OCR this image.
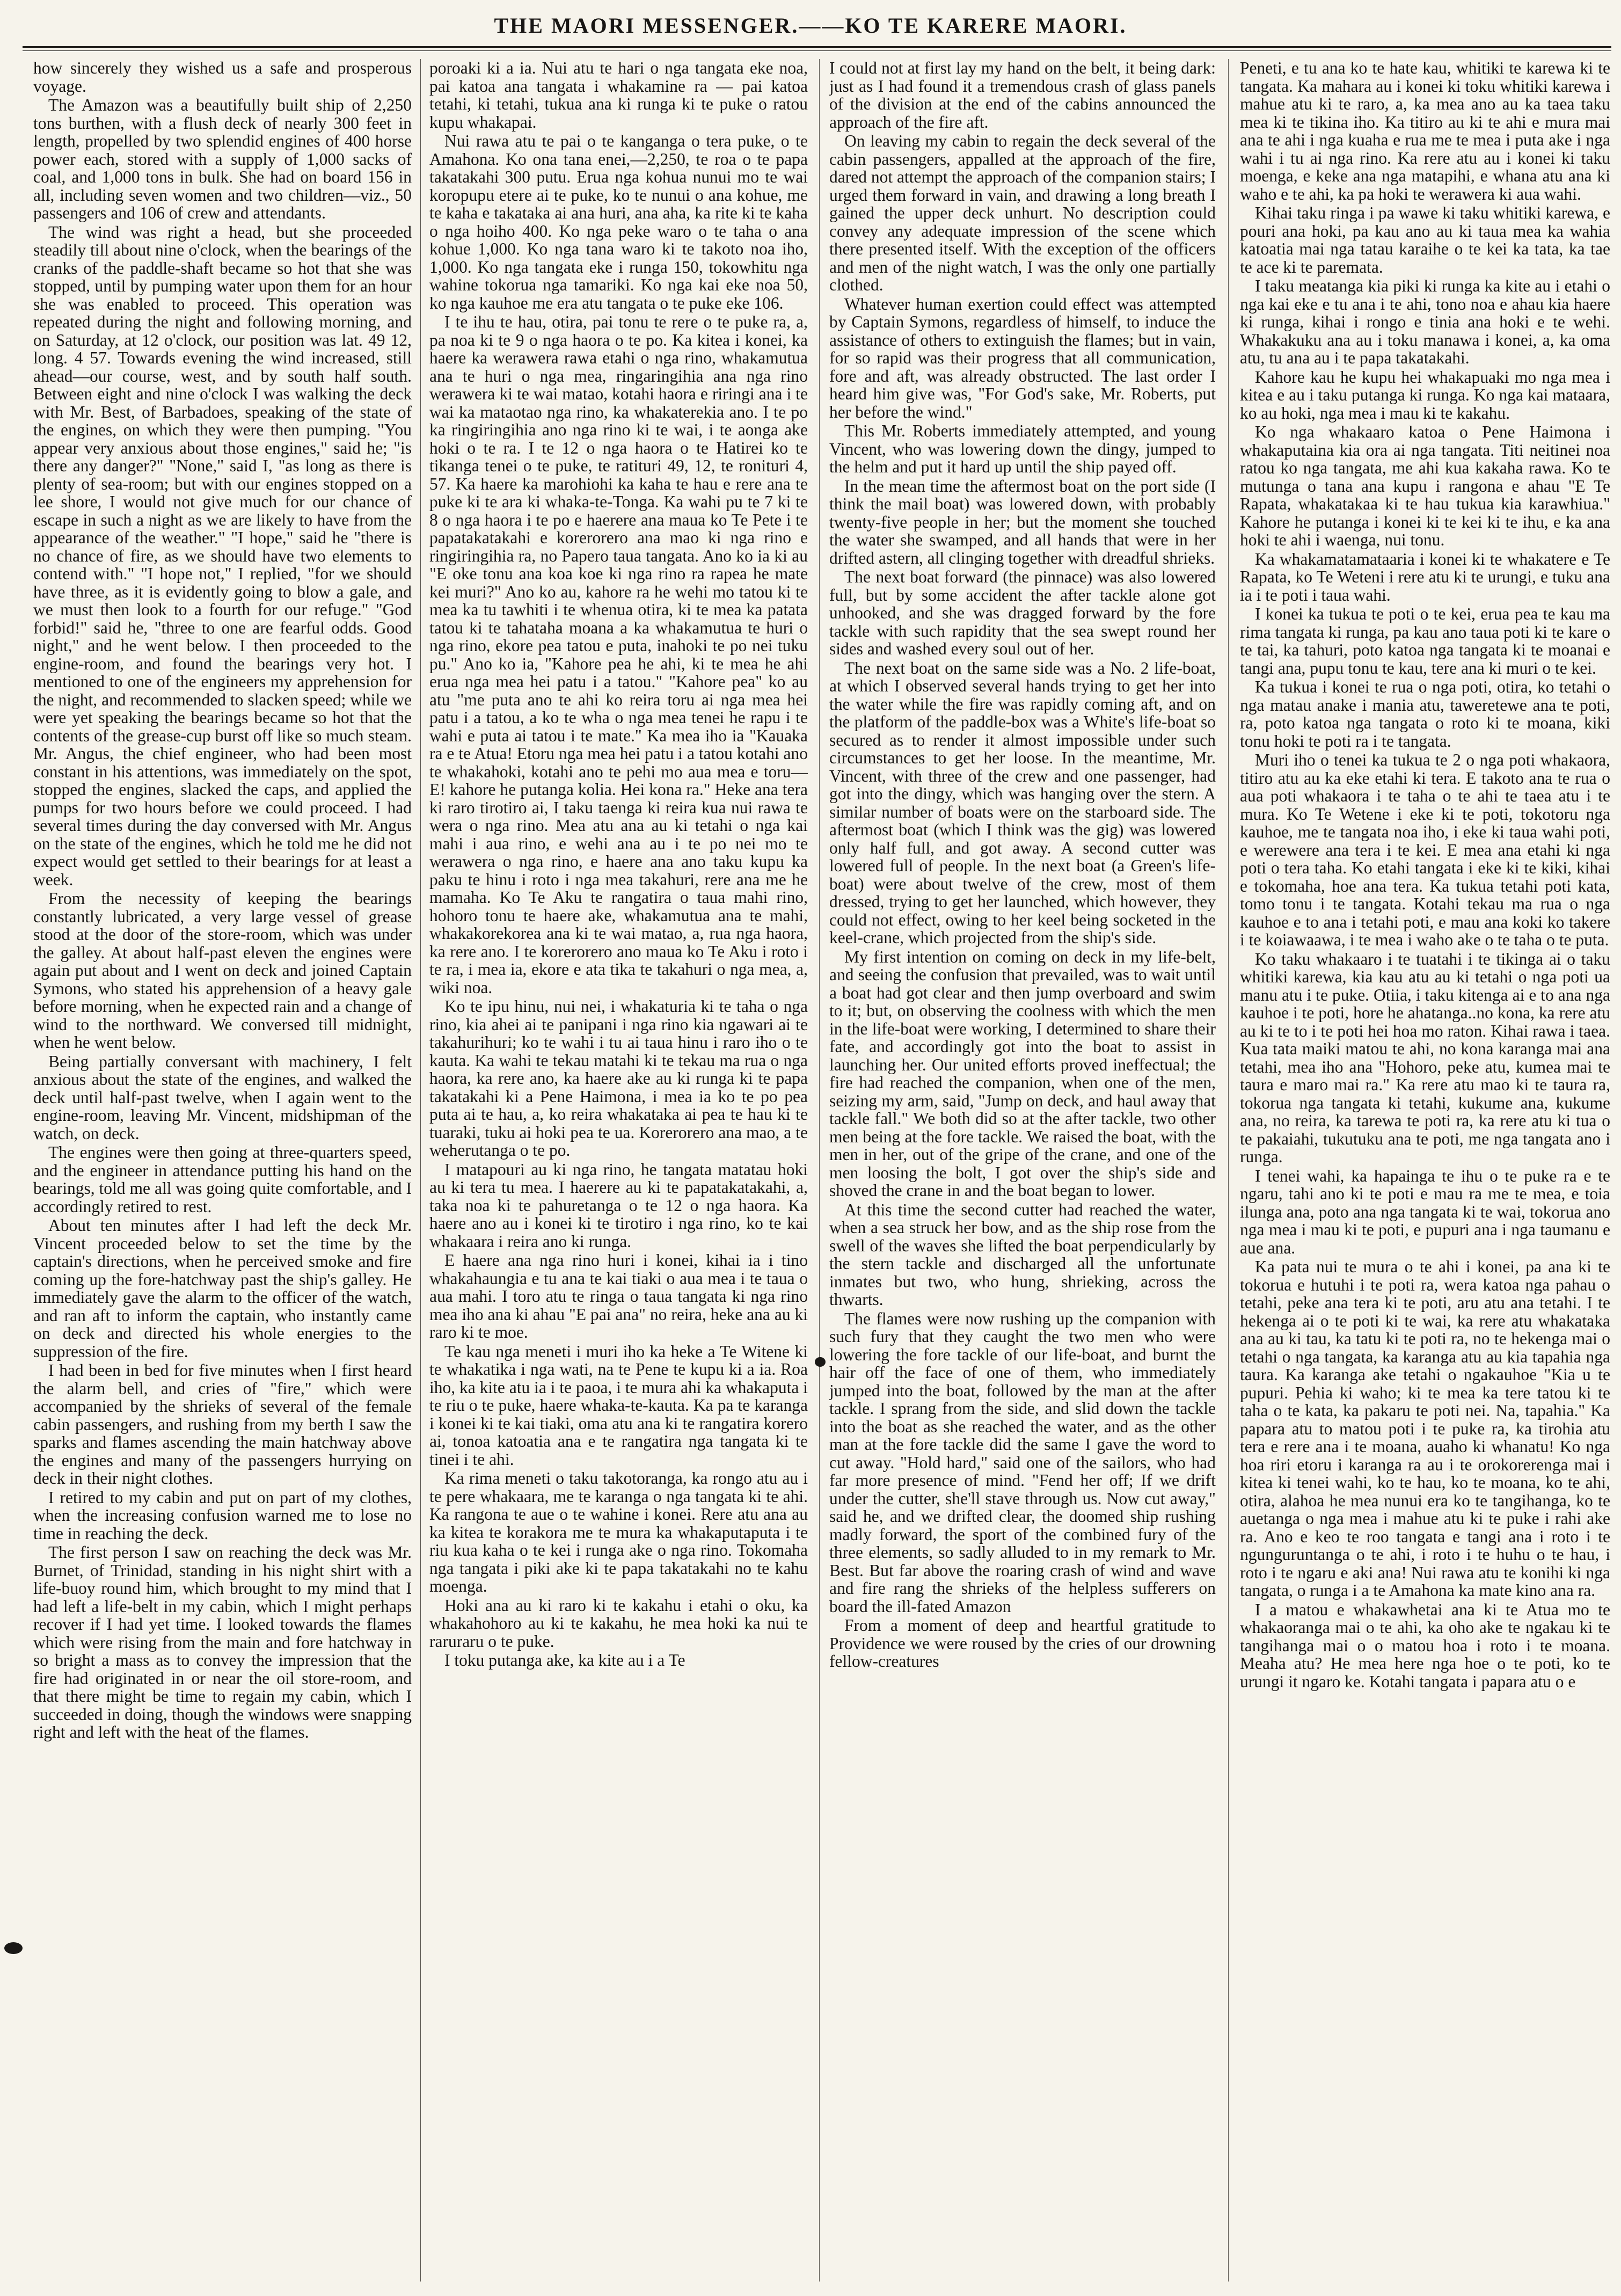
THE MAORI MESSENGER.——KO TE KARERE MAORI.

how sincerely they wished us a safe and prosperous voyage.

The Amazon was a beautifully built ship of 2,250 tons burthen, with a flush deck of nearly 300 feet in length, propelled by two splendid engines of 400 horse power each, stored with a supply of 1,000 sacks of coal, and 1,000 tons in bulk. She had on board 156 in all, including seven women and two children—viz., 50 passengers and 106 of crew and attendants.

The wind was right a head, but she proceeded steadily till about nine o'clock, when the bearings of the cranks of the paddle-shaft became so hot that she was stopped, until by pumping water upon them for an hour she was enabled to proceed. This operation was repeated during the night and following morning, and on Saturday, at 12 o'clock, our position was lat. 49 12, long. 4 57. Towards evening the wind increased, still ahead—our course, west, and by south half south. Between eight and nine o'clock I was walking the deck with Mr. Best, of Barbadoes, speaking of the state of the engines, on which they were then pumping. "You appear very anxious about those engines," said he; "is there any danger?" "None," said I, "as long as there is plenty of sea-room; but with our engines stopped on a lee shore, I would not give much for our chance of escape in such a night as we are likely to have from the appearance of the weather." "I hope," said he "there is no chance of fire, as we should have two elements to contend with." "I hope not," I replied, "for we should have three, as it is evidently going to blow a gale, and we must then look to a fourth for our refuge." "God forbid!" said he, "three to one are fearful odds. Good night," and he went below. I then proceeded to the engine-room, and found the bearings very hot. I mentioned to one of the engineers my apprehension for the night, and recommended to slacken speed; while we were yet speaking the bearings became so hot that the contents of the grease-cup burst off like so much steam. Mr. Angus, the chief engineer, who had been most constant in his attentions, was immediately on the spot, stopped the engines, slacked the caps, and applied the pumps for two hours before we could proceed. I had several times during the day conversed with Mr. Angus on the state of the engines, which he told me he did not expect would get settled to their bearings for at least a week.

From the necessity of keeping the bearings constantly lubricated, a very large vessel of grease stood at the door of the store-room, which was under the galley. At about half-past eleven the engines were again put about and I went on deck and joined Captain Symons, who stated his apprehension of a heavy gale before morning, when he expected rain and a change of wind to the northward. We conversed till midnight, when he went below.

Being partially conversant with machinery, I felt anxious about the state of the engines, and walked the deck until half-past twelve, when I again went to the engine-room, leaving Mr. Vincent, midshipman of the watch, on deck.

The engines were then going at three-quarters speed, and the engineer in attendance putting his hand on the bearings, told me all was going quite comfortable, and I accordingly retired to rest.

About ten minutes after I had left the deck Mr. Vincent proceeded below to set the time by the captain's directions, when he perceived smoke and fire coming up the fore-hatchway past the ship's galley. He immediately gave the alarm to the officer of the watch, and ran aft to inform the captain, who instantly came on deck and directed his whole energies to the suppression of the fire.

I had been in bed for five minutes when I first heard the alarm bell, and cries of "fire," which were accompanied by the shrieks of several of the female cabin passengers, and rushing from my berth I saw the sparks and flames ascending the main hatchway above the engines and many of the passengers hurrying on deck in their night clothes.

I retired to my cabin and put on part of my clothes, when the increasing confusion warned me to lose no time in reaching the deck.

The first person I saw on reaching the deck was Mr. Burnet, of Trinidad, standing in his night shirt with a life-buoy round him, which brought to my mind that I had left a life-belt in my cabin, which I might perhaps recover if I had yet time. I looked towards the flames which were rising from the main and fore hatchway in so bright a mass as to convey the impression that the fire had originated in or near the oil store-room, and that there might be time to regain my cabin, which I succeeded in doing, though the windows were snapping right and left with the heat of the flames.

poroaki ki a ia. Nui atu te hari o nga tangata eke noa, pai katoa ana tangata i whakamine ra — pai katoa tetahi, ki tetahi, tukua ana ki runga ki te puke o ratou kupu whakapai.

Nui rawa atu te pai o te kanganga o tera puke, o te Amahona. Ko ona tana enei,—2,250, te roa o te papa takatakahi 300 putu. Erua nga kohua nunui mo te wai koropupu etere ai te puke, ko te nunui o ana kohue, me te kaha e takataka ai ana huri, ana aha, ka rite ki te kaha o nga hoiho 400. Ko nga peke waro o te taha o ana kohue 1,000. Ko nga tana waro ki te takoto noa iho, 1,000. Ko nga tangata eke i runga 150, tokowhitu nga wahine tokorua nga tamariki. Ko nga kai eke noa 50, ko nga kauhoe me era atu tangata o te puke eke 106.

I te ihu te hau, otira, pai tonu te rere o te puke ra, a, pa noa ki te 9 o nga haora o te po. Ka kitea i konei, ka haere ka werawera rawa etahi o nga rino, whakamutua ana te huri o nga mea, ringaringihia ana nga rino werawera ki te wai matao, kotahi haora e riringi ana i te wai ka mataotao nga rino, ka whakaterekia ano. I te po ka ringiringihia ano nga rino ki te wai, i te aonga ake hoki o te ra. I te 12 o nga haora o te Hatirei ko te tikanga tenei o te puke, te ratituri 49, 12, te ronituri 4, 57. Ka haere ka marohiohi ka kaha te hau e rere ana te puke ki te ara ki whaka-te-Tonga. Ka wahi pu te 7 ki te 8 o nga haora i te po e haerere ana maua ko Te Pete i te papatakatakahi e korerorero ana mao ki nga rino e ringiringihia ra, no Papero taua tangata. Ano ko ia ki au "E oke tonu ana koa koe ki nga rino ra rapea he mate kei muri?" Ano ko au, kahore ra he wehi mo tatou ki te mea ka tu tawhiti i te whenua otira, ki te mea ka patata tatou ki te tahataha moana a ka whakamutua te huri o nga rino, ekore pea tatou e puta, inahoki te po nei tuku pu." Ano ko ia, "Kahore pea he ahi, ki te mea he ahi erua nga mea hei patu i a tatou." "Kahore pea" ko au atu "me puta ano te ahi ko reira toru ai nga mea hei patu i a tatou, a ko te wha o nga mea tenei he rapu i te wahi e puta ai tatou i te mate." Ka mea iho ia "Kauaka ra e te Atua! Etoru nga mea hei patu i a tatou kotahi ano te whakahoki, kotahi ano te pehi mo aua mea e toru—E! kahore he putanga kolia. Hei kona ra." Heke ana tera ki raro tirotiro ai, I taku taenga ki reira kua nui rawa te wera o nga rino. Mea atu ana au ki tetahi o nga kai mahi i aua rino, e wehi ana au i te po nei mo te werawera o nga rino, e haere ana ano taku kupu ka paku te hinu i roto i nga mea takahuri, rere ana me he mamaha. Ko Te Aku te rangatira o taua mahi rino, hohoro tonu te haere ake, whakamutua ana te mahi, whakakorekorea ana ki te wai matao, a, rua nga haora, ka rere ano. I te korerorero ano maua ko Te Aku i roto i te ra, i mea ia, ekore e ata tika te takahuri o nga mea, a, wiki noa.

Ko te ipu hinu, nui nei, i whakaturia ki te taha o nga rino, kia ahei ai te panipani i nga rino kia ngawari ai te takahurihuri; ko te wahi i tu ai taua hinu i raro iho o te kauta. Ka wahi te tekau matahi ki te tekau ma rua o nga haora, ka rere ano, ka haere ake au ki runga ki te papa takatakahi ki a Pene Haimona, i mea ia ko te po pea puta ai te hau, a, ko reira whakataka ai pea te hau ki te tuaraki, tuku ai hoki pea te ua. Korerorero ana mao, a te weherutanga o te po.

I matapouri au ki nga rino, he tangata matatau hoki au ki tera tu mea. I haerere au ki te papatakatakahi, a, taka noa ki te pahuretanga o te 12 o nga haora. Ka haere ano au i konei ki te tirotiro i nga rino, ko te kai whakaara i reira ano ki runga.

E haere ana nga rino huri i konei, kihai ia i tino whakahaungia e tu ana te kai tiaki o aua mea i te taua o aua mahi. I toro atu te ringa o taua tangata ki nga rino mea iho ana ki ahau "E pai ana" no reira, heke ana au ki raro ki te moe.

Te kau nga meneti i muri iho ka heke a Te Witene ki te whakatika i nga wati, na te Pene te kupu ki a ia. Roa iho, ka kite atu ia i te paoa, i te mura ahi ka whakaputa i te riu o te puke, haere whaka-te-kauta. Ka pa te karanga i konei ki te kai tiaki, oma atu ana ki te rangatira korero ai, tonoa katoatia ana e te rangatira nga tangata ki te tinei i te ahi.

Ka rima meneti o taku takotoranga, ka rongo atu au i te pere whakaara, me te karanga o nga tangata ki te ahi. Ka rangona te aue o te wahine i konei. Rere atu ana au ka kitea te korakora me te mura ka whakaputaputa i te riu kua kaha o te kei i runga ake o nga rino. Tokomaha nga tangata i piki ake ki te papa takatakahi no te kahu moenga.

Hoki ana au ki raro ki te kakahu i etahi o oku, ka whakahohoro au ki te kakahu, he mea hoki ka nui te raruraru o te puke.

I toku putanga ake, ka kite au i a Te

I could not at first lay my hand on the belt, it being dark: just as I had found it a tremendous crash of glass panels of the division at the end of the cabins announced the approach of the fire aft.

On leaving my cabin to regain the deck several of the cabin passengers, appalled at the approach of the fire, dared not attempt the approach of the companion stairs; I urged them forward in vain, and drawing a long breath I gained the upper deck unhurt. No description could convey any adequate impression of the scene which there presented itself. With the exception of the officers and men of the night watch, I was the only one partially clothed.

Whatever human exertion could effect was attempted by Captain Symons, regardless of himself, to induce the assistance of others to extinguish the flames; but in vain, for so rapid was their progress that all communication, fore and aft, was already obstructed. The last order I heard him give was, "For God's sake, Mr. Roberts, put her before the wind."

This Mr. Roberts immediately attempted, and young Vincent, who was lowering down the dingy, jumped to the helm and put it hard up until the ship payed off.

In the mean time the aftermost boat on the port side (I think the mail boat) was lowered down, with probably twenty-five people in her; but the moment she touched the water she swamped, and all hands that were in her drifted astern, all clinging together with dreadful shrieks.

The next boat forward (the pinnace) was also lowered full, but by some accident the after tackle alone got unhooked, and she was dragged forward by the fore tackle with such rapidity that the sea swept round her sides and washed every soul out of her.

The next boat on the same side was a No. 2 life-boat, at which I observed several hands trying to get her into the water while the fire was rapidly coming aft, and on the platform of the paddle-box was a White's life-boat so secured as to render it almost impossible under such circumstances to get her loose. In the meantime, Mr. Vincent, with three of the crew and one passenger, had got into the dingy, which was hanging over the stern. A similar number of boats were on the starboard side. The aftermost boat (which I think was the gig) was lowered only half full, and got away. A second cutter was lowered full of people. In the next boat (a Green's life-boat) were about twelve of the crew, most of them dressed, trying to get her launched, which however, they could not effect, owing to her keel being socketed in the keel-crane, which projected from the ship's side.

My first intention on coming on deck in my life-belt, and seeing the confusion that prevailed, was to wait until a boat had got clear and then jump overboard and swim to it; but, on observing the coolness with which the men in the life-boat were working, I determined to share their fate, and accordingly got into the boat to assist in launching her. Our united efforts proved ineffectual; the fire had reached the companion, when one of the men, seizing my arm, said, "Jump on deck, and haul away that tackle fall." We both did so at the after tackle, two other men being at the fore tackle. We raised the boat, with the men in her, out of the gripe of the crane, and one of the men loosing the bolt, I got over the ship's side and shoved the crane in and the boat began to lower.

At this time the second cutter had reached the water, when a sea struck her bow, and as the ship rose from the swell of the waves she lifted the boat perpendicularly by the stern tackle and discharged all the unfortunate inmates but two, who hung, shrieking, across the thwarts.

The flames were now rushing up the companion with such fury that they caught the two men who were lowering the fore tackle of our life-boat, and burnt the hair off the face of one of them, who immediately jumped into the boat, followed by the man at the after tackle. I sprang from the side, and slid down the tackle into the boat as she reached the water, and as the other man at the fore tackle did the same I gave the word to cut away. "Hold hard," said one of the sailors, who had far more presence of mind. "Fend her off; If we drift under the cutter, she'll stave through us. Now cut away," said he, and we drifted clear, the doomed ship rushing madly forward, the sport of the combined fury of the three elements, so sadly alluded to in my remark to Mr. Best. But far above the roaring crash of wind and wave and fire rang the shrieks of the helpless sufferers on board the ill-fated Amazon

From a moment of deep and heartful gratitude to Providence we were roused by the cries of our drowning fellow-creatures

Peneti, e tu ana ko te hate kau, whitiki te karewa ki te tangata. Ka mahara au i konei ki toku whitiki karewa i mahue atu ki te raro, a, ka mea ano au ka taea taku mea ki te tikina iho. Ka titiro au ki te ahi e mura mai ana te ahi i nga kuaha e rua me te mea i puta ake i nga wahi i tu ai nga rino. Ka rere atu au i konei ki taku moenga, e keke ana nga matapihi, e whana atu ana ki waho e te ahi, ka pa hoki te werawera ki aua wahi.

Kihai taku ringa i pa wawe ki taku whitiki karewa, e pouri ana hoki, pa kau ano au ki taua mea ka wahia katoatia mai nga tatau karaihe o te kei ka tata, ka tae te ace ki te paremata.

I taku meatanga kia piki ki runga ka kite au i etahi o nga kai eke e tu ana i te ahi, tono noa e ahau kia haere ki runga, kihai i rongo e tinia ana hoki e te wehi. Whakakuku ana au i toku manawa i konei, a, ka oma atu, tu ana au i te papa takatakahi.

Kahore kau he kupu hei whakapuaki mo nga mea i kitea e au i taku putanga ki runga. Ko nga kai mataara, ko au hoki, nga mea i mau ki te kakahu.

Ko nga whakaaro katoa o Pene Haimona i whakaputaina kia ora ai nga tangata. Titi neitinei noa ratou ko nga tangata, me ahi kua kakaha rawa. Ko te mutunga o tana ana kupu i rangona e ahau "E Te Rapata, whakatakaa ki te hau tukua kia karawhiua." Kahore he putanga i konei ki te kei ki te ihu, e ka ana hoki te ahi i waenga, nui tonu.

Ka whakamatamataaria i konei ki te whakatere e Te Rapata, ko Te Weteni i rere atu ki te urungi, e tuku ana ia i te poti i taua wahi.

I konei ka tukua te poti o te kei, erua pea te kau ma rima tangata ki runga, pa kau ano taua poti ki te kare o te tai, ka tahuri, poto katoa nga tangata ki te moanai e tangi ana, pupu tonu te kau, tere ana ki muri o te kei.

Ka tukua i konei te rua o nga poti, otira, ko tetahi o nga matau anake i mania atu, taweretewe ana te poti, ra, poto katoa nga tangata o roto ki te moana, kiki tonu hoki te poti ra i te tangata.

Muri iho o tenei ka tukua te 2 o nga poti whakaora, titiro atu au ka eke etahi ki tera. E takoto ana te rua o aua poti whakaora i te taha o te ahi te taea atu i te mura. Ko Te Wetene i eke ki te poti, tokotoru nga kauhoe, me te tangata noa iho, i eke ki taua wahi poti, e werewere ana tera i te kei. E mea ana etahi ki nga poti o tera taha. Ko etahi tangata i eke ki te kiki, kihai e tokomaha, hoe ana tera. Ka tukua tetahi poti kata, tomo tonu i te tangata. Kotahi tekau ma rua o nga kauhoe e to ana i tetahi poti, e mau ana koki ko takere i te koiawaawa, i te mea i waho ake o te taha o te puta.

Ko taku whakaaro i te tuatahi i te tikinga ai o taku whitiki karewa, kia kau atu au ki tetahi o nga poti ua manu atu i te puke. Otiia, i taku kitenga ai e to ana nga kauhoe i te poti, hore he ahatanga..no kona, ka rere atu au ki te to i te poti hei hoa mo raton. Kihai rawa i taea. Kua tata maiki matou te ahi, no kona karanga mai ana tetahi, mea iho ana "Hohoro, peke atu, kumea mai te taura e maro mai ra." Ka rere atu mao ki te taura ra, tokorua nga tangata ki tetahi, kukume ana, kukume ana, no reira, ka tarewa te poti ra, ka rere atu ki tua o te pakaiahi, tukutuku ana te poti, me nga tangata ano i runga.

I tenei wahi, ka hapainga te ihu o te puke ra e te ngaru, tahi ano ki te poti e mau ra me te mea, e toia ilunga ana, poto ana nga tangata ki te wai, tokorua ano nga mea i mau ki te poti, e pupuri ana i nga taumanu e aue ana.

Ka pata nui te mura o te ahi i konei, pa ana ki te tokorua e hutuhi i te poti ra, wera katoa nga pahau o tetahi, peke ana tera ki te poti, aru atu ana tetahi. I te hekenga ai o te poti ki te wai, ka rere atu whakataka ana au ki tau, ka tatu ki te poti ra, no te hekenga mai o tetahi o nga tangata, ka karanga atu au kia tapahia nga taura. Ka karanga ake tetahi o ngakauhoe "Kia u te pupuri. Pehia ki waho; ki te mea ka tere tatou ki te taha o te kata, ka pakaru te poti nei. Na, tapahia." Ka papara atu to matou poti i te puke ra, ka tirohia atu tera e rere ana i te moana, auaho ki whanatu! Ko nga hoa riri etoru i karanga ra au i te orokorerenga mai i kitea ki tenei wahi, ko te hau, ko te moana, ko te ahi, otira, alahoa he mea nunui era ko te tangihanga, ko te auetanga o nga mea i mahue atu ki te puke i rahi ake ra. Ano e keo te roo tangata e tangi ana i roto i te ngunguruntanga o te ahi, i roto i te huhu o te hau, i roto i te ngaru e aki ana! Nui rawa atu te konihi ki nga tangata, o runga i a te Amahona ka mate kino ana ra.

I a matou e whakawhetai ana ki te Atua mo te whakaoranga mai o te ahi, ka oho ake te ngakau ki te tangihanga mai o o matou hoa i roto i te moana. Meaha atu? He mea here nga hoe o te poti, ko te urungi it ngaro ke. Kotahi tangata i papara atu o e
